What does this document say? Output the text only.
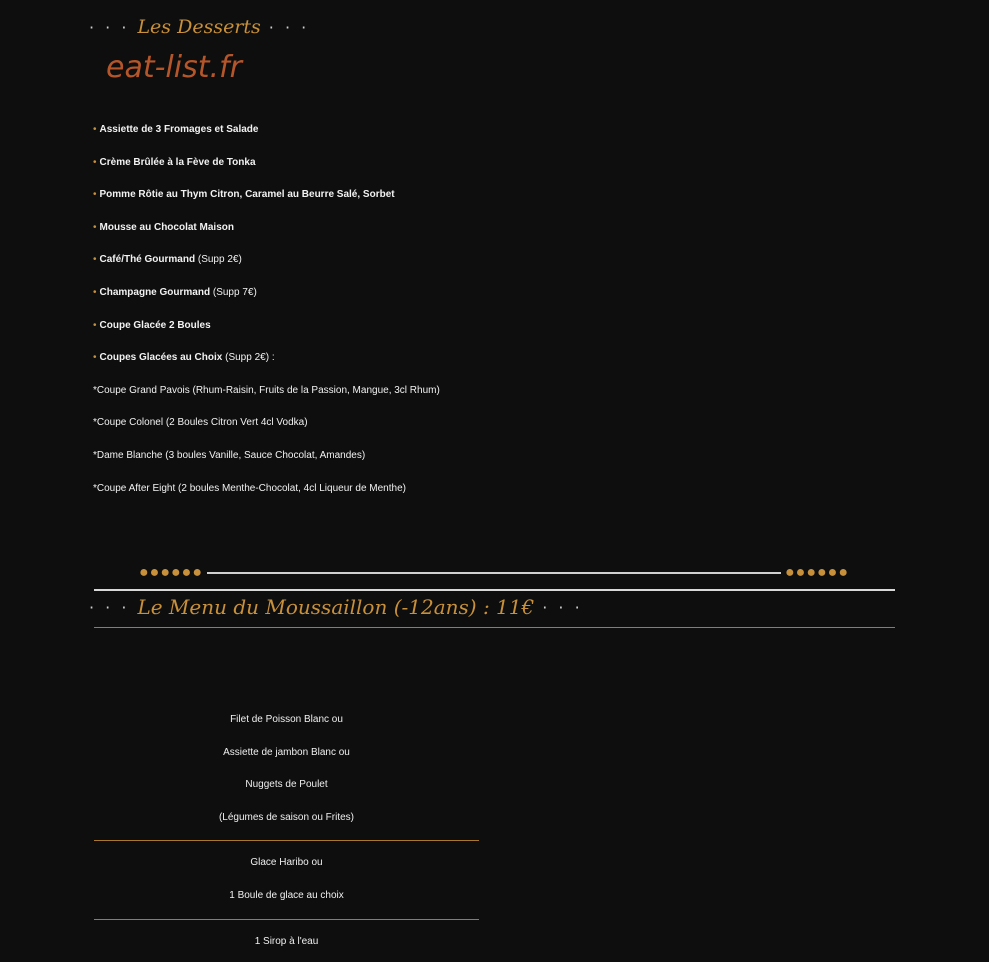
· · · Les Desserts · · ·
eat-list.fr
• Assiette de 3 Fromages et Salade
• Crème Brûlée à la Fève de Tonka
• Pomme Rôtie au Thym Citron, Caramel au Beurre Salé, Sorbet
• Mousse au Chocolat Maison
• Café/Thé Gourmand (Supp 2€)
• Champagne Gourmand (Supp 7€)
• Coupe Glacée 2 Boules
• Coupes Glacées au Choix (Supp 2€) :
*Coupe Grand Pavois (Rhum-Raisin, Fruits de la Passion, Mangue, 3cl Rhum)
*Coupe Colonel (2 Boules Citron Vert 4cl Vodka)
*Dame Blanche (3 boules Vanille, Sauce Chocolat, Amandes)
*Coupe After Eight (2 boules Menthe-Chocolat, 4cl Liqueur de Menthe)
●●●●●●	●●●●●●
· · · Le Menu du Moussaillon (-12ans) : 11€ · · ·
Filet de Poisson Blanc ou
Assiette de jambon Blanc ou
Nuggets de Poulet
(Légumes de saison ou Frites)
Glace Haribo ou
1 Boule de glace au choix
1 Sirop à l'eau
